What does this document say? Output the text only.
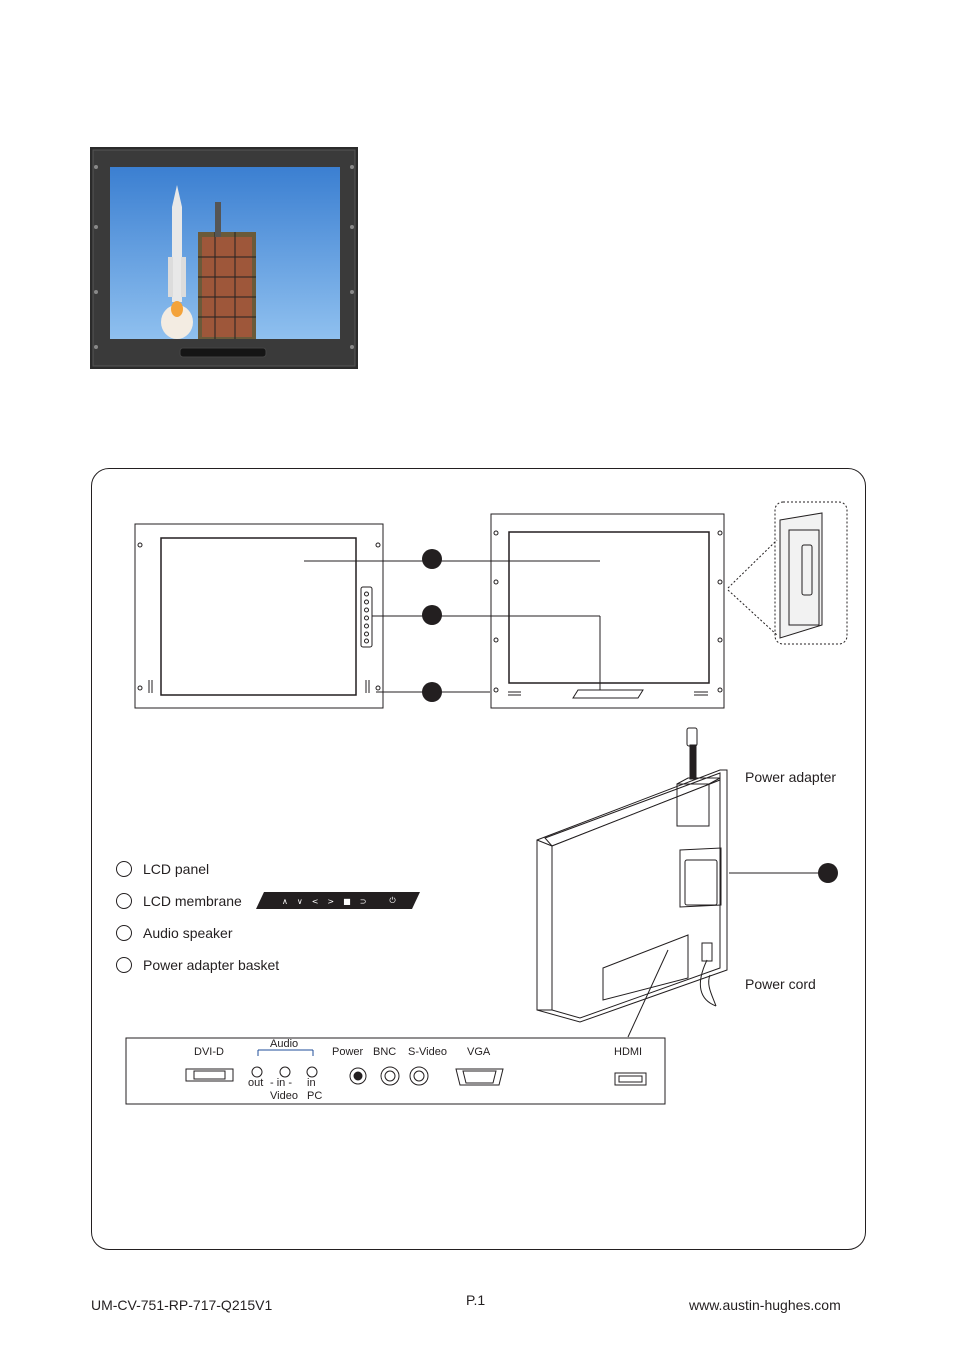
∧ ∨ < > ■ ⊃	⏻
LCD panel
LCD membrane
Audio speaker
Power adapter basket
Power adapter
Power cord
DVI-D
Audio
Power BNC S-Video VGA	HDMI
out - in - in
Video PC
UM-CV-751-RP-717-Q215V1	P.1	www.austin-hughes.com
